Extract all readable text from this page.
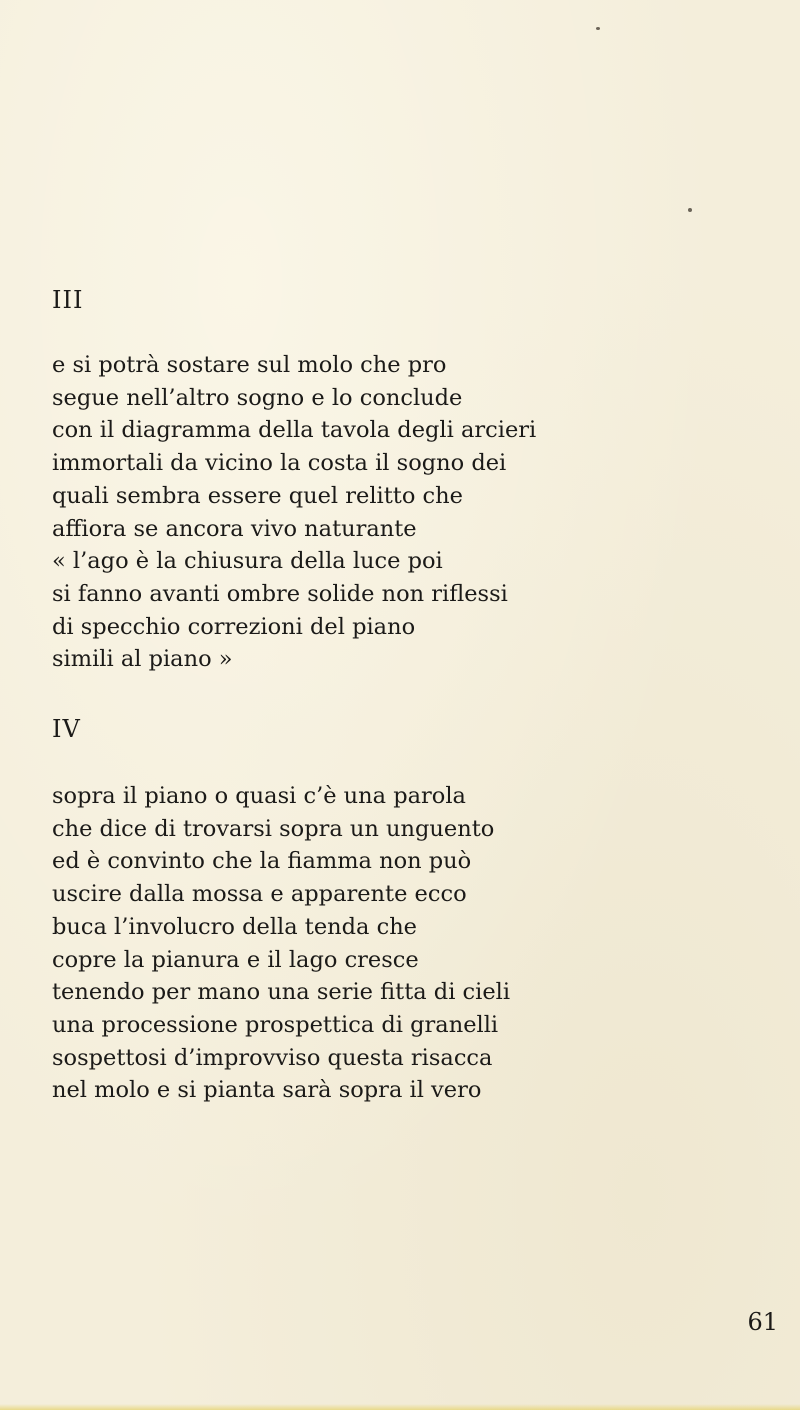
III
e si potrà sostare sul molo che pro
segue nell’altro sogno e lo conclude
con il diagramma della tavola degli arcieri
immortali da vicino la costa il sogno dei
quali sembra essere quel relitto che
affiora se ancora vivo naturante
« l’ago è la chiusura della luce poi
si fanno avanti ombre solide non riflessi
di specchio correzioni del piano
simili al piano »
IV
sopra il piano o quasi c’è una parola
che dice di trovarsi sopra un unguento
ed è convinto che la fiamma non può
uscire dalla mossa e apparente ecco
buca l’involucro della tenda che
copre la pianura e il lago cresce
tenendo per mano una serie fitta di cieli
una processione prospettica di granelli
sospettosi d’improvviso questa risacca
nel molo e si pianta sarà sopra il vero
61
